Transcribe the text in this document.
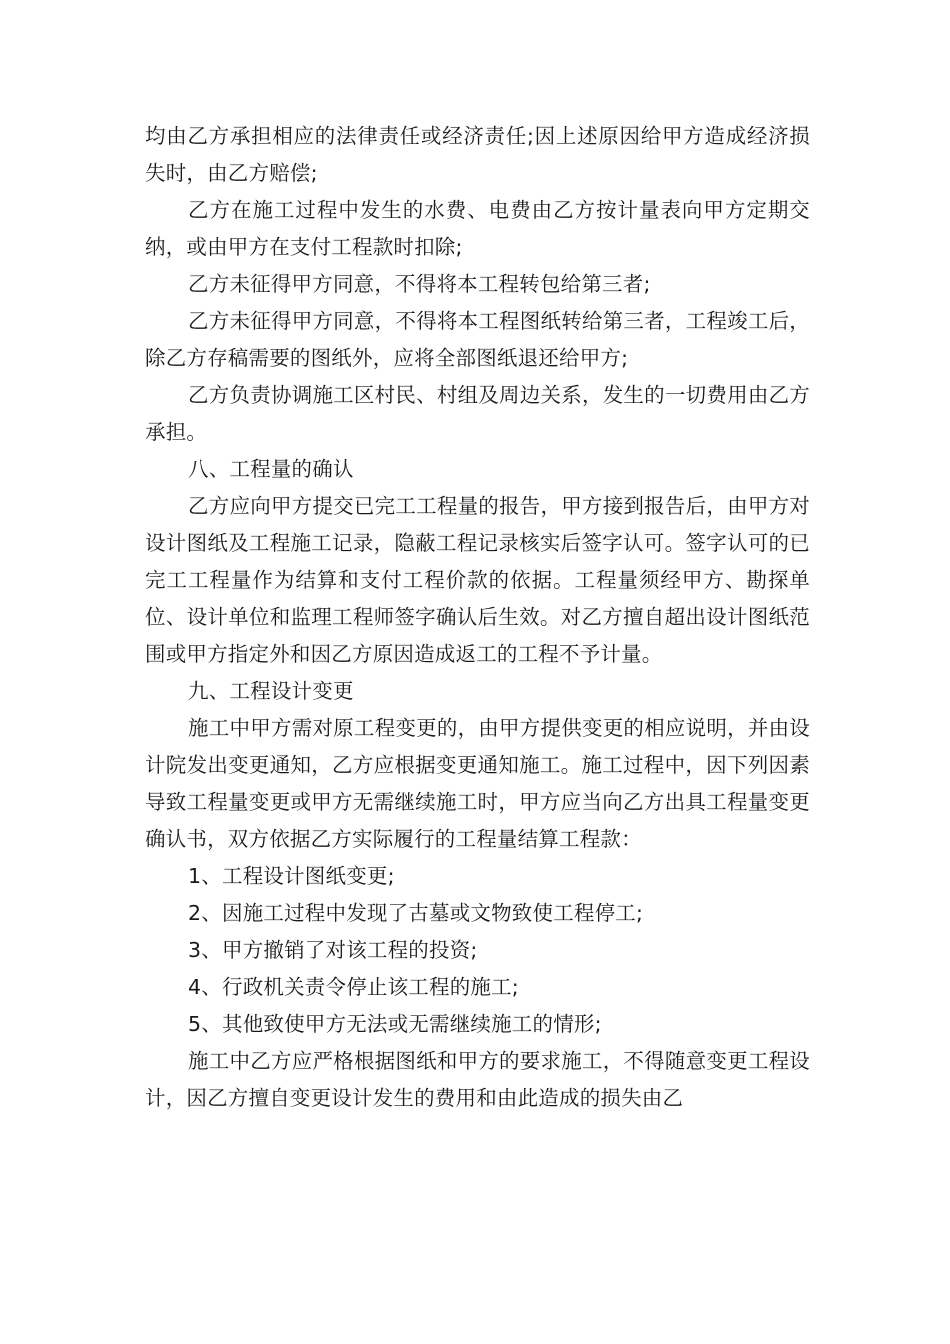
均由乙方承担相应的法律责任或经济责任;因上述原因给甲方造成经济损失时，由乙方赔偿;

乙方在施工过程中发生的水费、电费由乙方按计量表向甲方定期交纳，或由甲方在支付工程款时扣除;

乙方未征得甲方同意，不得将本工程转包给第三者;

乙方未征得甲方同意，不得将本工程图纸转给第三者，工程竣工后，除乙方存稿需要的图纸外，应将全部图纸退还给甲方;

乙方负责协调施工区村民、村组及周边关系，发生的一切费用由乙方承担。

八、工程量的确认

乙方应向甲方提交已完工工程量的报告，甲方接到报告后，由甲方对设计图纸及工程施工记录，隐蔽工程记录核实后签字认可。签字认可的已完工工程量作为结算和支付工程价款的依据。工程量须经甲方、勘探单位、设计单位和监理工程师签字确认后生效。对乙方擅自超出设计图纸范围或甲方指定外和因乙方原因造成返工的工程不予计量。

九、工程设计变更

施工中甲方需对原工程变更的，由甲方提供变更的相应说明，并由设计院发出变更通知，乙方应根据变更通知施工。施工过程中，因下列因素导致工程量变更或甲方无需继续施工时，甲方应当向乙方出具工程量变更确认书，双方依据乙方实际履行的工程量结算工程款：

1、工程设计图纸变更;

2、因施工过程中发现了古墓或文物致使工程停工;

3、甲方撤销了对该工程的投资;

4、行政机关责令停止该工程的施工;

5、其他致使甲方无法或无需继续施工的情形;

施工中乙方应严格根据图纸和甲方的要求施工，不得随意变更工程设计，因乙方擅自变更设计发生的费用和由此造成的损失由乙
